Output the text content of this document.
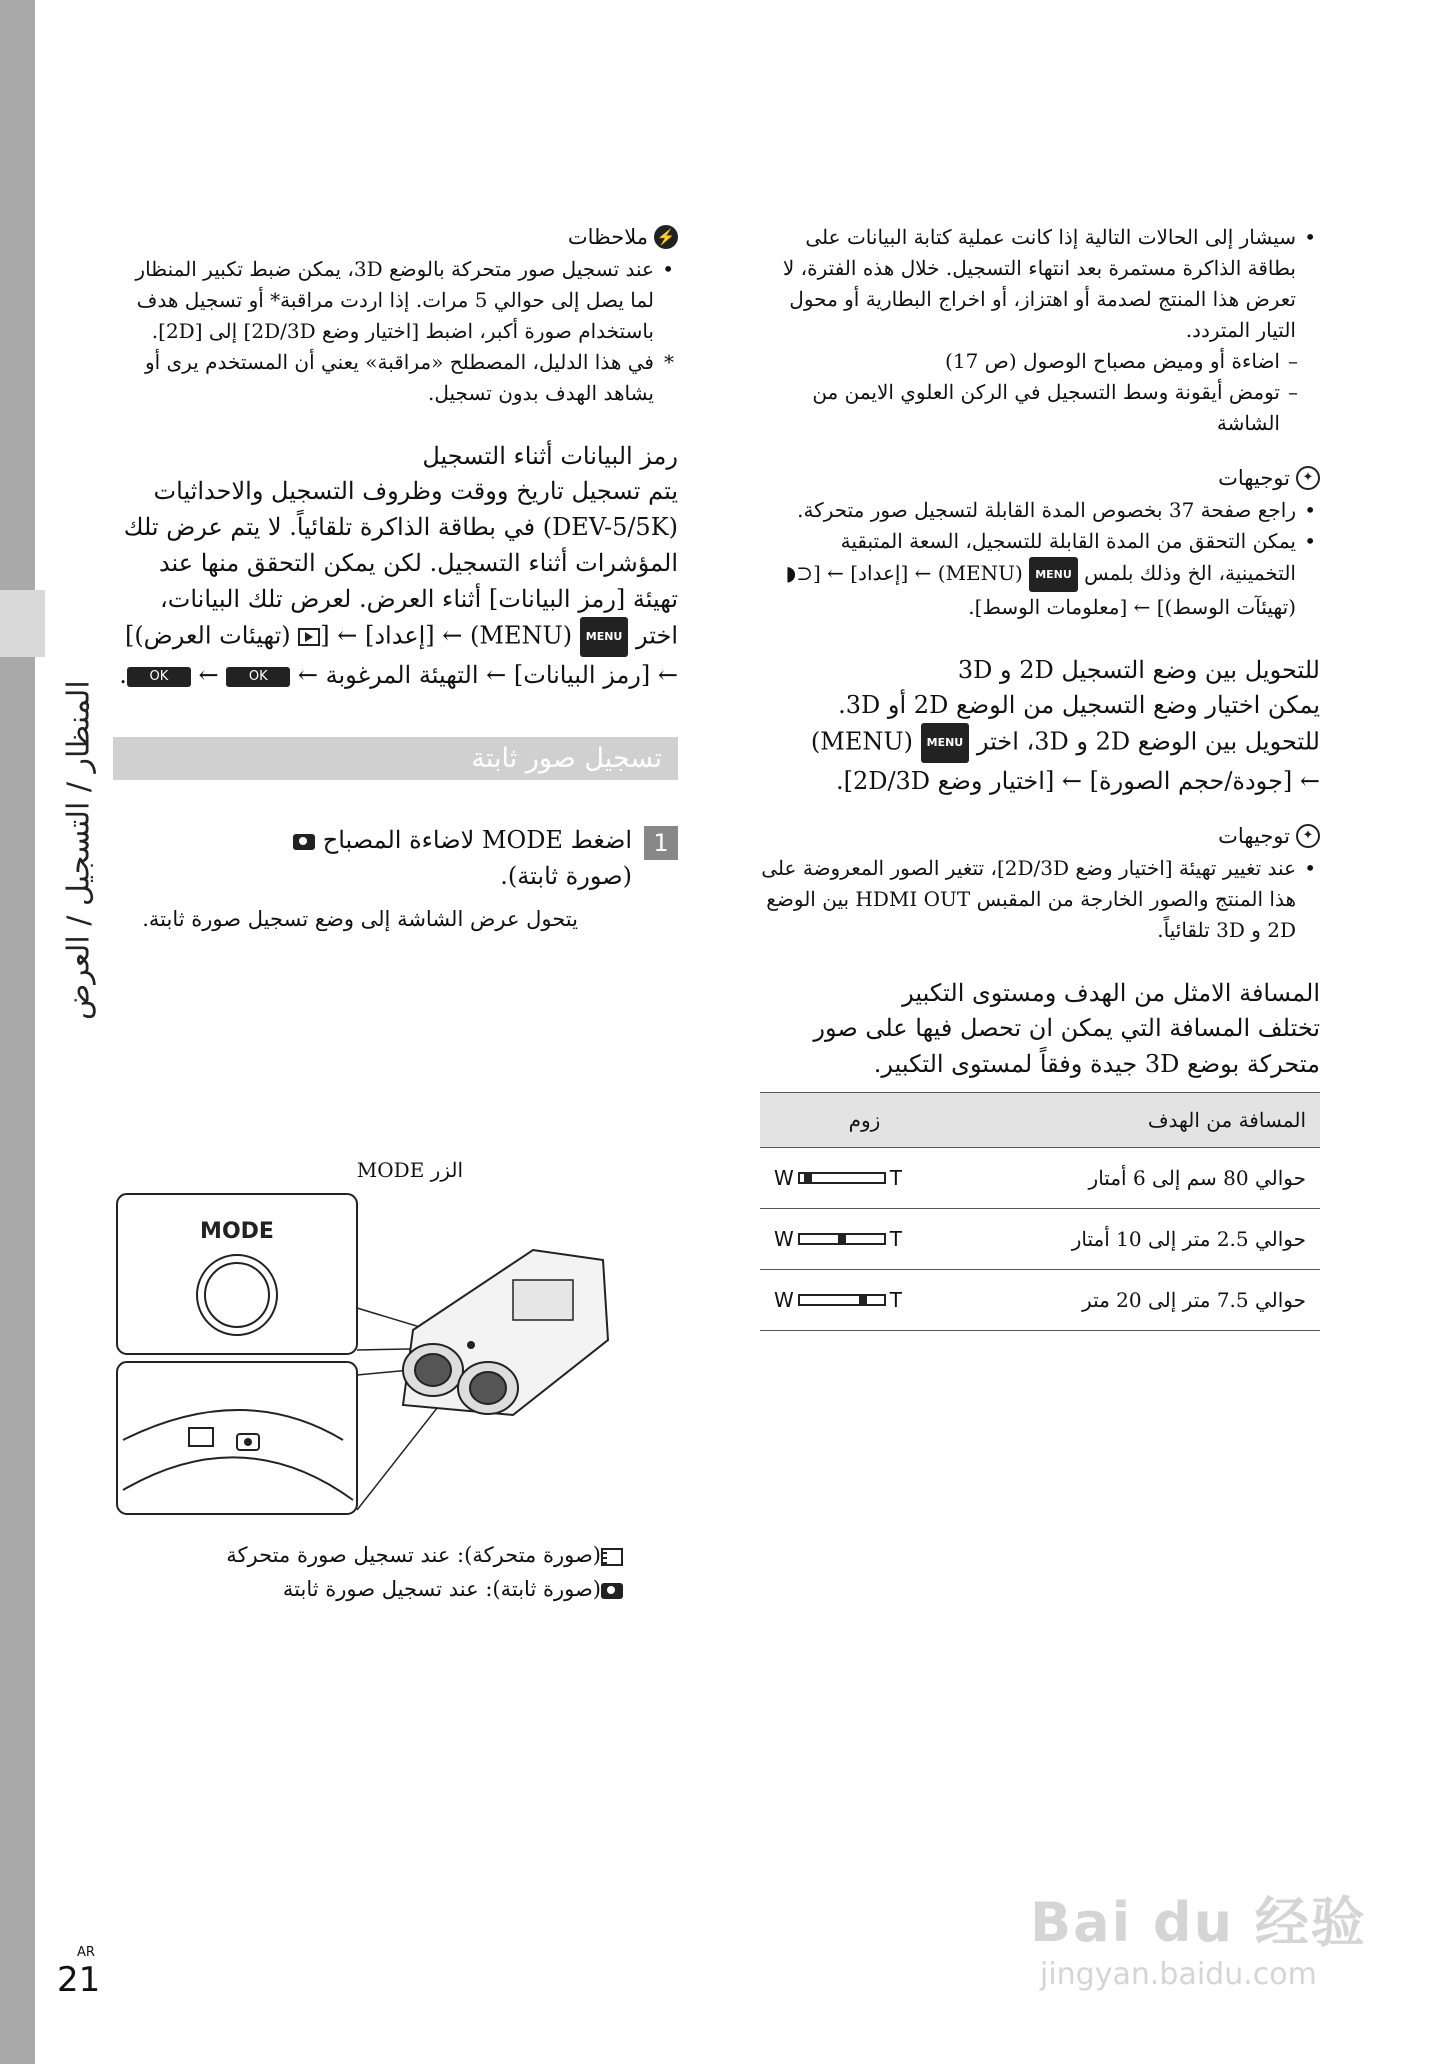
المنظار / التسجيل / العرض
AR
21

• سيشار إلى الحالات التالية إذا كانت عملية كتابة البيانات على بطاقة الذاكرة مستمرة بعد انتهاء التسجيل. خلال هذه الفترة، لا تعرض هذا المنتج لصدمة أو اهتزاز، أو اخراج البطارية أو محول التيار المتردد.

– اضاءة أو وميض مصباح الوصول (ص 17)

– تومض أيقونة وسط التسجيل في الركن العلوي الايمن من الشاشة

✦
توجيهات

• راجع صفحة 37 بخصوص المدة القابلة لتسجيل صور متحركة.

• يمكن التحقق من المدة القابلة للتسجيل، السعة المتبقية التخمينية، الخ وذلك بلمس MENU (MENU) ← [إعداد] ← [⊂◗ (تهيئآت الوسط)] ← [معلومات الوسط].

للتحويل بين وضع التسجيل 2D و 3D

يمكن اختيار وضع التسجيل من الوضع 2D أو 3D.

للتحويل بين الوضع 2D و 3D، اختر MENU (MENU)

← [جودة/حجم الصورة] ← [اختيار وضع 2D/3D].

✦
توجيهات

• عند تغيير تهيئة [اختيار وضع 2D/3D]، تتغير الصور المعروضة على هذا المنتج والصور الخارجة من المقبس HDMI OUT بين الوضع 2D و 3D تلقائياً.

المسافة الامثل من الهدف ومستوى التكبير

تختلف المسافة التي يمكن ان تحصل فيها على صور متحركة بوضع 3D جيدة وفقاً لمستوى التكبير.

المسافة من الهدف	زوم
حوالي 80 سم إلى 6 أمتار	W T

حوالي 2.5 متر إلى 10 أمتار	W T

حوالي 7.5 متر إلى 20 متر	W T

⚡
ملاحظات

• عند تسجيل صور متحركة بالوضع 3D، يمكن ضبط تكبير المنظار لما يصل إلى حوالي 5 مرات. إذا اردت مراقبة* أو تسجيل هدف باستخدام صورة أكبر، اضبط [اختيار وضع 2D/3D] إلى [2D].

* في هذا الدليل، المصطلح «مراقبة» يعني أن المستخدم يرى أو يشاهد الهدف بدون تسجيل.

رمز البيانات أثناء التسجيل

يتم تسجيل تاريخ ووقت وظروف التسجيل والاحداثيات (DEV-5/5K) في بطاقة الذاكرة تلقائياً. لا يتم عرض تلك المؤشرات أثناء التسجيل. لكن يمكن التحقق منها عند تهيئة [رمز البيانات] أثناء العرض. لعرض تلك البيانات، اختر MENU (MENU) ← [إعداد] ← [ (تهيئات العرض)] ← [رمز البيانات] ← التهيئة المرغوبة ← OK ← OK.

تسجيل صور ثابتة

1

اضغط MODE لاضاءة المصباح

(صورة ثابتة).

يتحول عرض الشاشة إلى وضع تسجيل صورة ثابتة.

الزر MODE
MODE

(صورة متحركة): عند تسجيل صورة متحركة

(صورة ثابتة): عند تسجيل صورة ثابتة

Bai du 经验
jingyan.baidu.com
